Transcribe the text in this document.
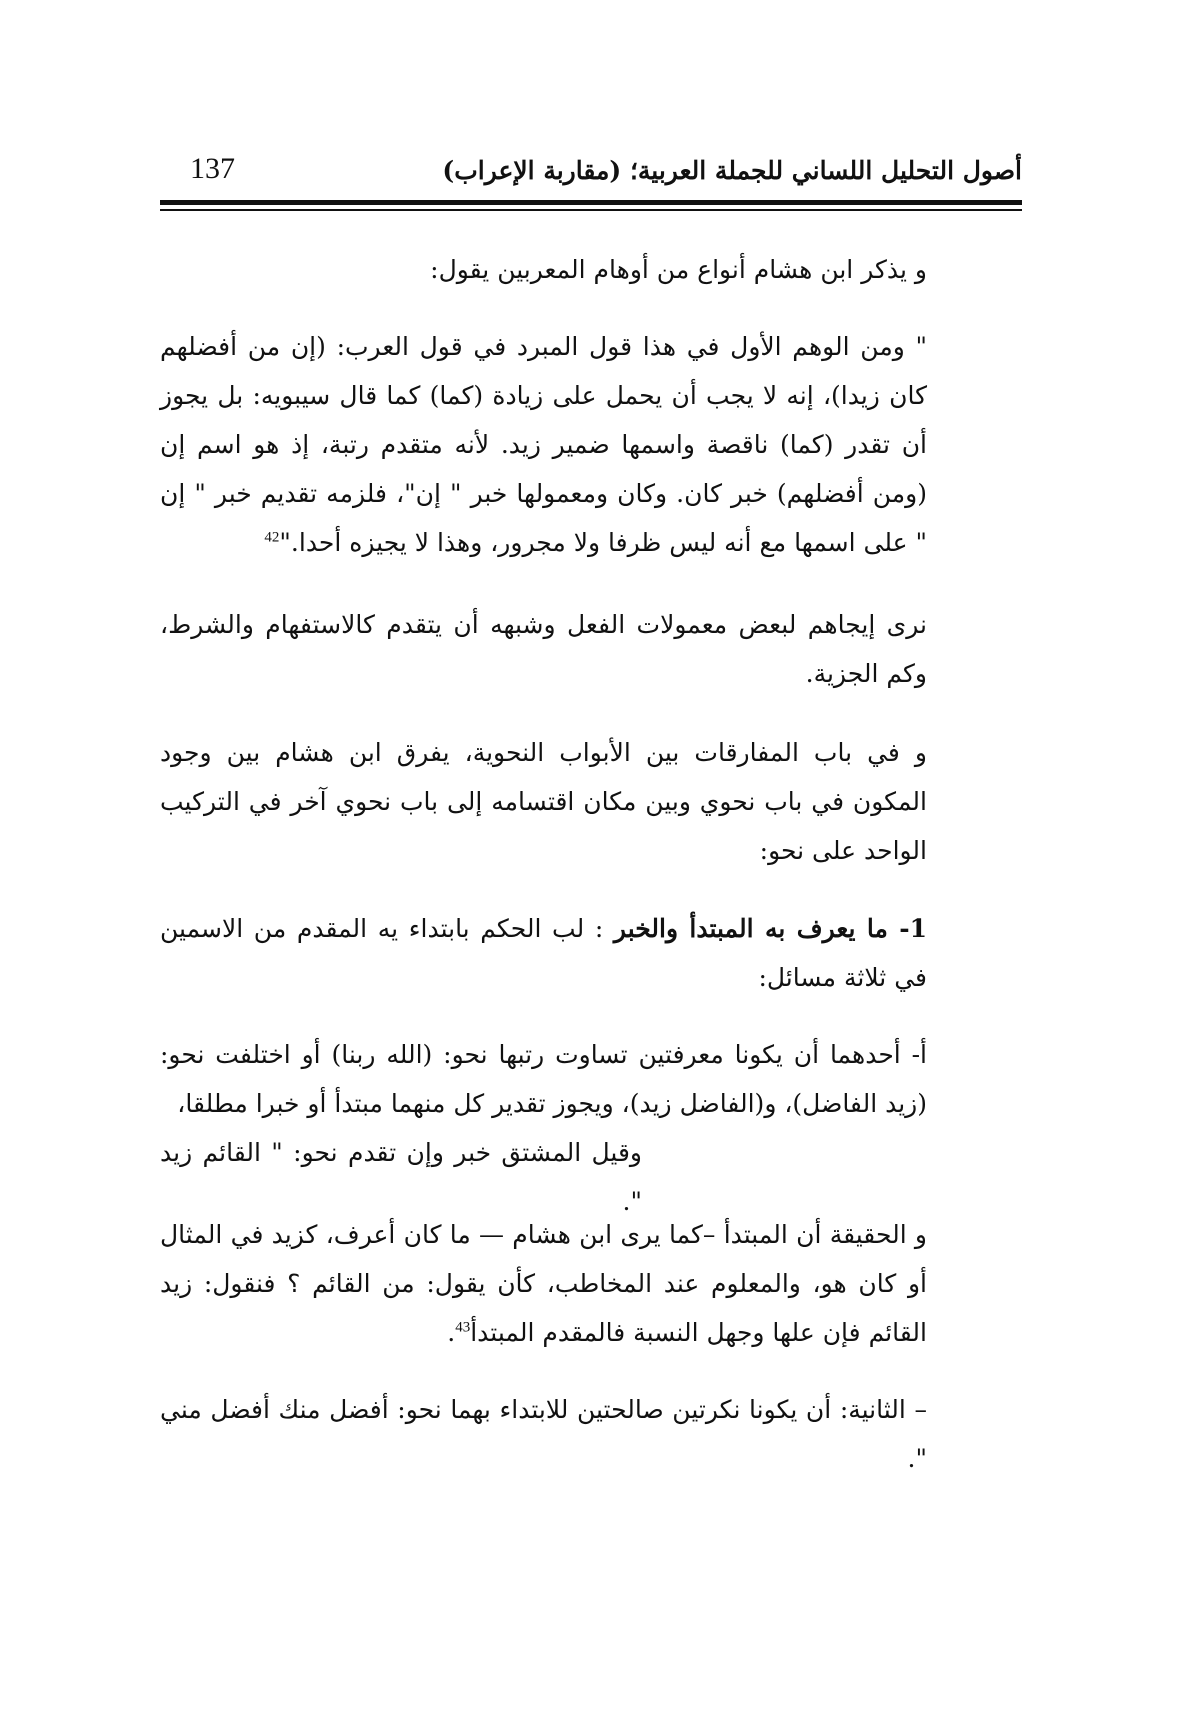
أصول التحليل اللساني للجملة العربية؛ (مقاربة الإعراب)
137

و يذكر ابن هشام أنواع من أوهام المعربين يقول:

" ومن الوهم الأول في هذا قول المبرد في قول العرب: (إن من أفضلهم كان زيدا)، إنه لا يجب أن يحمل على زيادة (كما) كما قال سيبويه: بل يجوز أن تقدر (كما) ناقصة واسمها ضمير زيد. لأنه متقدم رتبة، إذ هو اسم إن (ومن أفضلهم) خبر كان. وكان ومعمولها خبر " إن"، فلزمه تقديم خبر " إن " على اسمها مع أنه ليس ظرفا ولا مجرور، وهذا لا يجيزه أحدا."$^{42}$

نرى إيجاهم لبعض معمولات الفعل وشبهه أن يتقدم كالاستفهام والشرط، وكم الجزية.

و في باب المفارقات بين الأبواب النحوية، يفرق ابن هشام بين وجود المكون في باب نحوي وبين مكان اقتسامه إلى باب نحوي آخر في التركيب الواحد على نحو:

1- ما يعرف به المبتدأ والخبر : لب الحكم بابتداء يه المقدم من الاسمين في ثلاثة مسائل:

أ- أحدهما أن يكونا معرفتين تساوت رتبها نحو: (الله ربنا) أو اختلفت نحو: (زيد الفاضل)، و(الفاضل زيد)، ويجوز تقدير كل منهما مبتدأ أو خبرا مطلقا،

وقيل المشتق خبر وإن تقدم نحو: " القائم زيد ".

و الحقيقة أن المبتدأ –كما يرى ابن هشام — ما كان أعرف، كزيد في المثال أو كان هو، والمعلوم عند المخاطب، كأن يقول: من القائم ؟ فنقول: زيد القائم فإن علها وجهل النسبة فالمقدم المبتدأ$^{43}$.

– الثانية: أن يكونا نكرتين صالحتين للابتداء بهما نحو: أفضل منك أفضل مني ".
